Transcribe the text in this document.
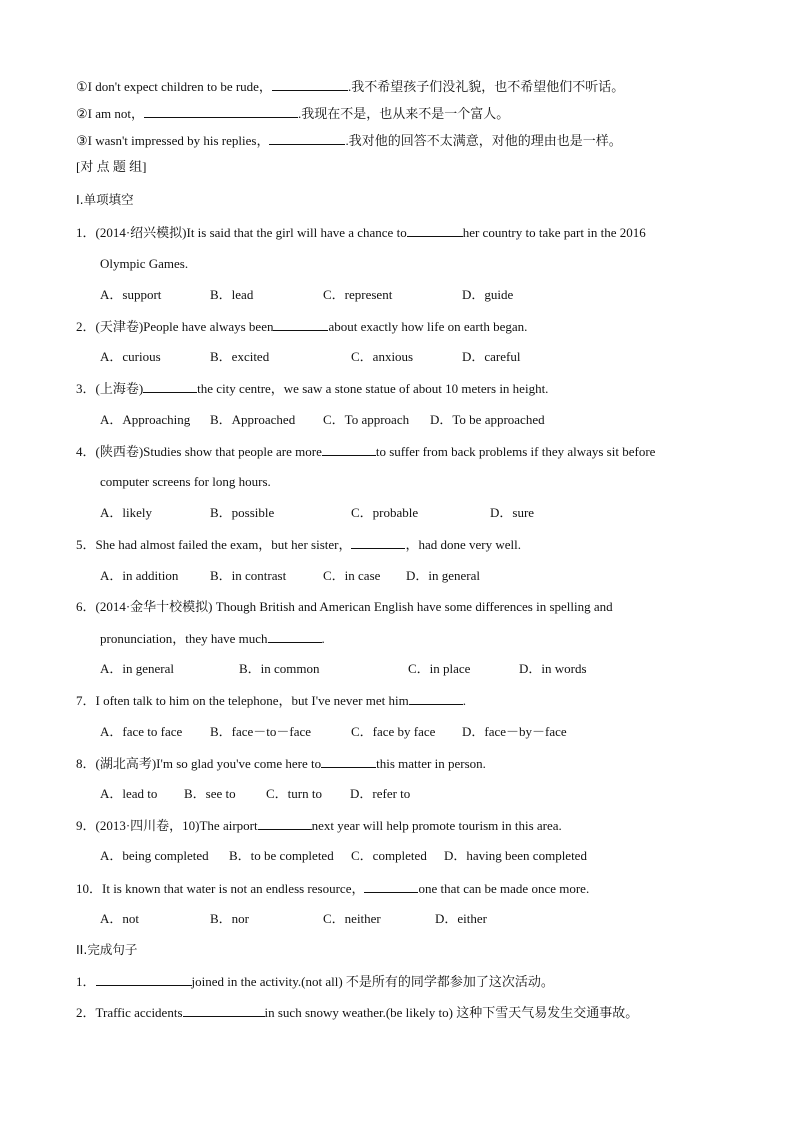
①I don't expect children to be rude，	.我不希望孩子们没礼貌，也不希望他们不听话。
②I am not，	.我现在不是，也从来不是一个富人。
③I wasn't impressed by his replies，	.我对他的回答不太满意，对他的理由也是一样。
[对 点 题 组]
Ⅰ.单项填空
1．(2014·绍兴模拟)It is said that the girl will have a chance to	her country to take part in the 2016
Olympic Games.
A．support	B．lead	C．represent	D．guide
2．(天津卷)People have always been	about exactly how life on earth began.
A．curious	B．excited	C．anxious	D．careful
3．(上海卷)	the city centre，we saw a stone statue of about 10 meters in height.
A．Approaching B．Approached C．To approach D．To be approached
4．(陕西卷)Studies show that people are more	to suffer from back problems if they always sit before
computer screens for long hours.
A．likely	B．possible	C．probable	D．sure
5．She had almost failed the exam，but her sister，	，had done very well.
A．in addition B．in contrast	C．in case D．in general
6．(2014·金华十校模拟) Though British and American English have some differences in spelling and
pronunciation，they have much	.
A．in general	B．in common	C．in place	D．in words
7．I often talk to him on the telephone，but I've never met him	.
A．face to face B．face－to－face	C．face by face D．face－by－face
8．(湖北高考)I'm so glad you've come here to	this matter in person.
A．lead to B．see to C．turn to D．refer to
9．(2013·四川卷，10)The airport	next year will help promote tourism in this area.
A．being completed B．to be completed C．completed D．having been completed
10．It is known that water is not an endless resource，	one that can be made once more.
A．not	B．nor	C．neither	D．either
II.完成句子
1．	joined in the activity.(not all) 不是所有的同学都参加了这次活动。
2．Traffic accidents	in such snowy weather.(be likely to) 这种下雪天气易发生交通事故。
